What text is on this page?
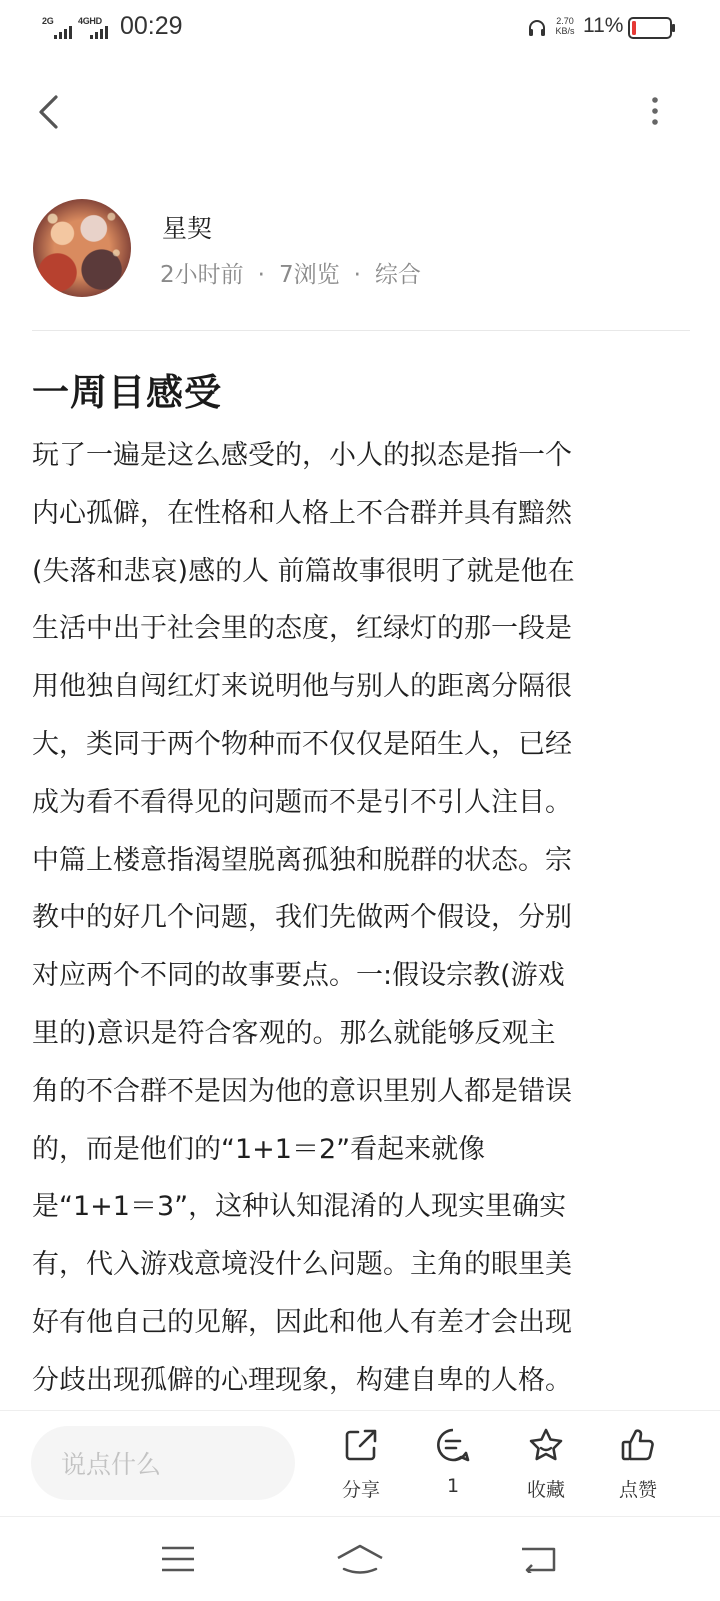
2G	4GHD 00:29	2.70
KB/s 11%
星契
2小时前 · 7浏览 · 综合
一周目感受

玩了一遍是这么感受的，小人的拟态是指一个
内心孤僻，在性格和人格上不合群并具有黯然
(失落和悲哀)感的人 前篇故事很明了就是他在
生活中出于社会里的态度，红绿灯的那一段是
用他独自闯红灯来说明他与别人的距离分隔很
大，类同于两个物种而不仅仅是陌生人，已经
成为看不看得见的问题而不是引不引人注目。
中篇上楼意指渴望脱离孤独和脱群的状态。宗
教中的好几个问题，我们先做两个假设，分别
对应两个不同的故事要点。一:假设宗教(游戏
里的)意识是符合客观的。那么就能够反观主
角的不合群不是因为他的意识里别人都是错误
的，而是他们的“1+1＝2”看起来就像
是“1+1＝3”，这种认知混淆的人现实里确实
有，代入游戏意境没什么问题。主角的眼里美
好有他自己的见解，因此和他人有差才会出现
分歧出现孤僻的心理现象，构建自卑的人格。

说点什么
分享	1	收藏	点赞
